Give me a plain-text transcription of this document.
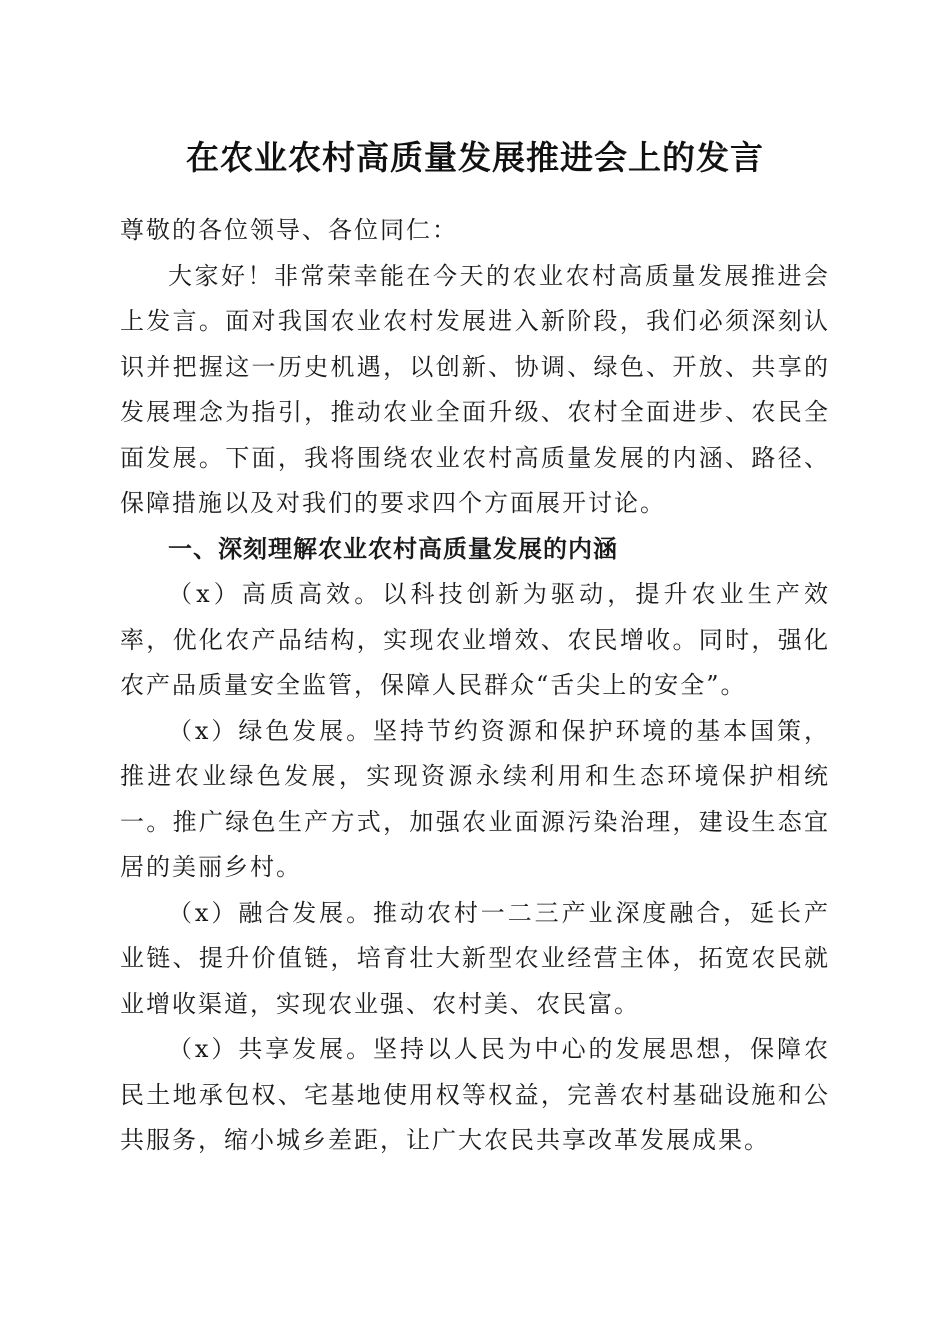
在农业农村高质量发展推进会上的发言

尊敬的各位领导、各位同仁：

大家好！非常荣幸能在今天的农业农村高质量发展推进会上发言。面对我国农业农村发展进入新阶段，我们必须深刻认识并把握这一历史机遇，以创新、协调、绿色、开放、共享的发展理念为指引，推动农业全面升级、农村全面进步、农民全面发展。下面，我将围绕农业农村高质量发展的内涵、路径、保障措施以及对我们的要求四个方面展开讨论。

一、深刻理解农业农村高质量发展的内涵

（x）高质高效。以科技创新为驱动，提升农业生产效率，优化农产品结构，实现农业增效、农民增收。同时，强化农产品质量安全监管，保障人民群众“舌尖上的安全”。

（x）绿色发展。坚持节约资源和保护环境的基本国策，推进农业绿色发展，实现资源永续利用和生态环境保护相统一。推广绿色生产方式，加强农业面源污染治理，建设生态宜居的美丽乡村。

（x）融合发展。推动农村一二三产业深度融合，延长产业链、提升价值链，培育壮大新型农业经营主体，拓宽农民就业增收渠道，实现农业强、农村美、农民富。

（x）共享发展。坚持以人民为中心的发展思想，保障农民土地承包权、宅基地使用权等权益，完善农村基础设施和公共服务，缩小城乡差距，让广大农民共享改革发展成果。
